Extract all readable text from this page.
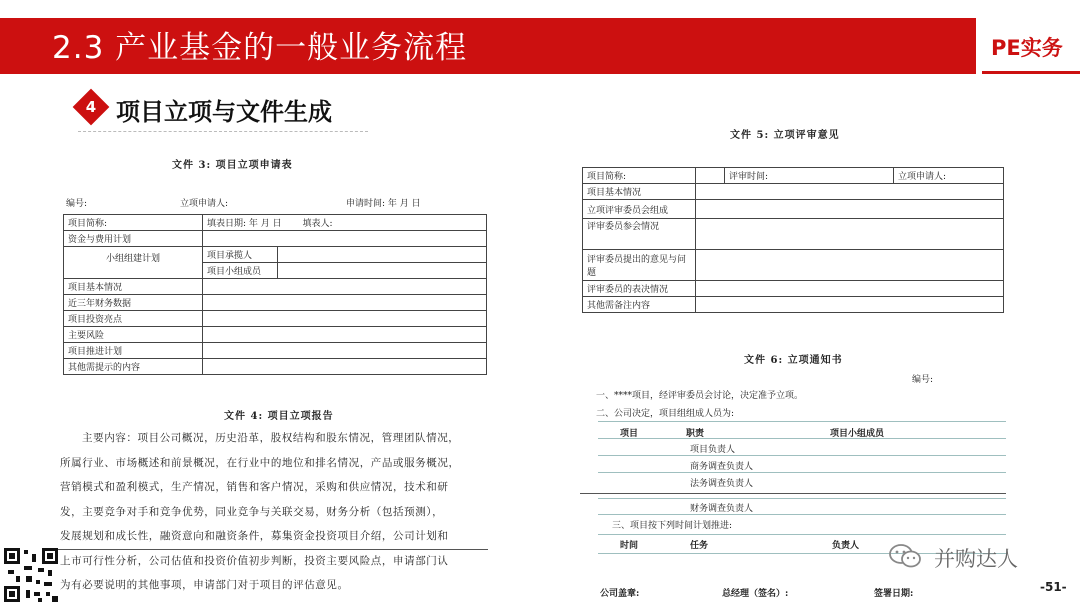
2.3 产业基金的一般业务流程	PE实务
4 项目立项与文件生成
文件 3: 项目立项申请表
编号:	立项申请人:	申请时间: 年 月 日
项目简称:	填表日期: 年 月 日 填表人:	
资金与费用计划		
小组组建计划	项目承揽人	
	项目小组成员	
项目基本情况		
近三年财务数据		
项目投资亮点		
主要风险		
项目推进计划		
其他需提示的内容		
文件 4: 项目立项报告
主要内容：项目公司概况，历史沿革，股权结构和股东情况，管理团队情况，
所属行业、市场概述和前景概况，在行业中的地位和排名情况，产品或服务概况，
营销模式和盈利模式，生产情况，销售和客户情况，采购和供应情况，技术和研
发，主要竞争对手和竞争优势，同业竞争与关联交易，财务分析（包括预测），
发展规划和成长性，融资意向和融资条件，募集资金投资项目介绍，公司计划和
上市可行性分析，公司估值和投资价值初步判断，投资主要风险点，申请部门认
为有必要说明的其他事项，申请部门对于项目的评估意见。
文件 5: 立项评审意见
项目简称:		评审时间:	立项申请人:
项目基本情况			
立项评审委员会组成			
评审委员参会情况			
评审委员提出的意见与问题			
评审委员的表决情况			
其他需备注内容			
文件 6: 立项通知书
编号:
一、****项目，经评审委员会讨论，决定准予立项。
二、公司决定，项目组组成人员为:
项目	职责	项目小组成员
项目负责人
商务调查负责人
法务调查负责人
财务调查负责人
三、项目按下列时间计划推进:
时间	任务	负责人
公司盖章:	总经理（签名）:	签署日期:
并购达人
-51-
